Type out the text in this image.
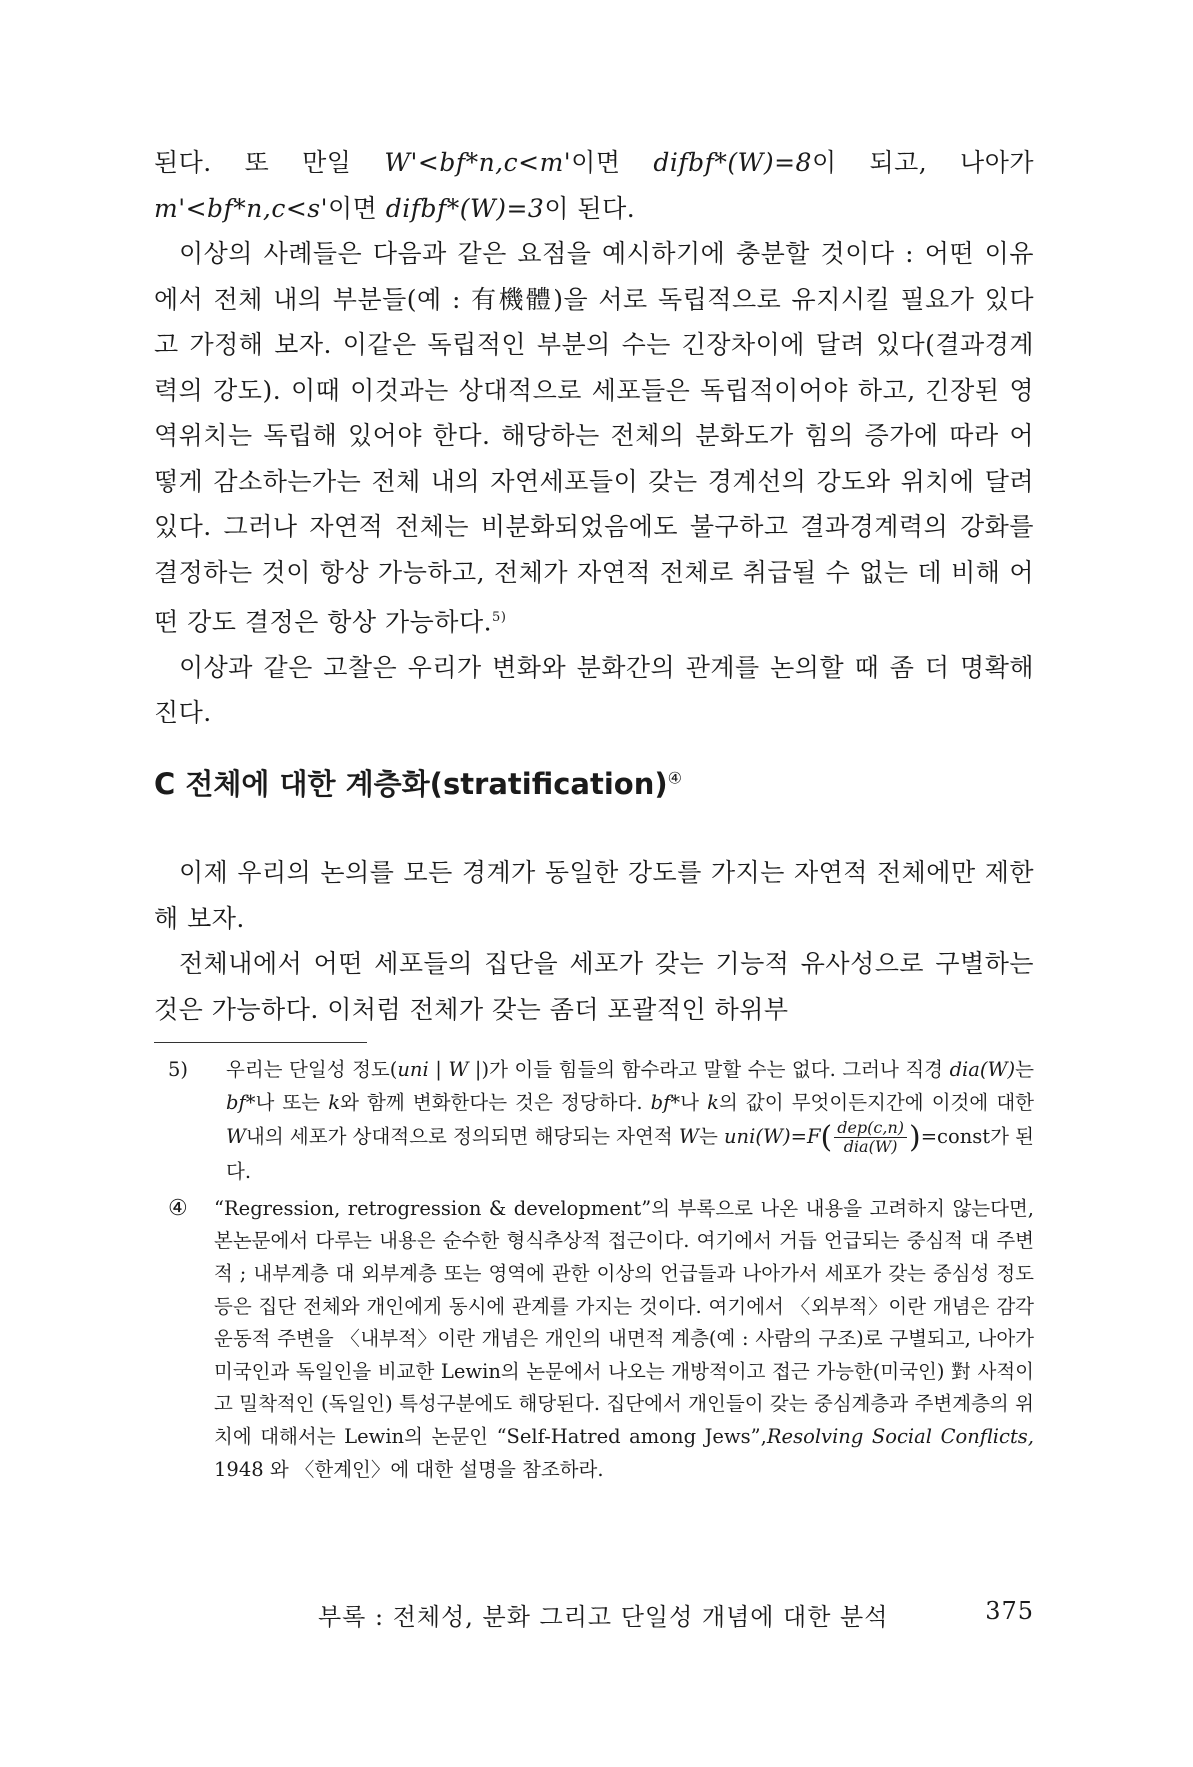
된다. 또 만일 W'<bf*n,c<m'이면 difbf*(W)=8이 되고, 나아가 m'<bf*n,c<s'이면 difbf*(W)=3이 된다.

이상의 사례들은 다음과 같은 요점을 예시하기에 충분할 것이다 : 어떤 이유에서 전체 내의 부분들(예 : 有機體)을 서로 독립적으로 유지시킬 필요가 있다고 가정해 보자. 이같은 독립적인 부분의 수는 긴장차이에 달려 있다(결과경계력의 강도). 이때 이것과는 상대적으로 세포들은 독립적이어야 하고, 긴장된 영역위치는 독립해 있어야 한다. 해당하는 전체의 분화도가 힘의 증가에 따라 어떻게 감소하는가는 전체 내의 자연세포들이 갖는 경계선의 강도와 위치에 달려 있다. 그러나 자연적 전체는 비분화되었음에도 불구하고 결과경계력의 강화를 결정하는 것이 항상 가능하고, 전체가 자연적 전체로 취급될 수 없는 데 비해 어떤 강도 결정은 항상 가능하다.$^{5)}$

이상과 같은 고찰은 우리가 변화와 분화간의 관계를 논의할 때 좀 더 명확해 진다.

C 전체에 대한 계층화(stratification)④

이제 우리의 논의를 모든 경계가 동일한 강도를 가지는 자연적 전체에만 제한해 보자.

전체내에서 어떤 세포들의 집단을 세포가 갖는 기능적 유사성으로 구별하는 것은 가능하다. 이처럼 전체가 갖는 좀더 포괄적인 하위부

5)	우리는 단일성 정도(uni | W |)가 이들 힘들의 함수라고 말할 수는 없다. 그러나 직경 dia(W)는 bf*나 또는 k와 함께 변화한다는 것은 정당하다. bf*나 k의 값이 무엇이든지간에 이것에 대한 W내의 세포가 상대적으로 정의되면 해당되는 자연적 W는 uni(W)=F ( $\frac{\text{dep(c,n)}}{\text{dia(W)}}$ ) =const 가 된다.
④	“Regression, retrogression & development”의 부록으로 나온 내용을 고려하지 않는다면, 본논문에서 다루는 내용은 순수한 형식추상적 접근이다. 여기에서 거듭 언급되는 중심적 대 주변적 ; 내부계층 대 외부계층 또는 영역에 관한 이상의 언급들과 나아가서 세포가 갖는 중심성 정도 등은 집단 전체와 개인에게 동시에 관계를 가지는 것이다. 여기에서 〈외부적〉이란 개념은 감각운동적 주변을 〈내부적〉이란 개념은 개인의 내면적 계층(예 : 사람의 구조)로 구별되고, 나아가 미국인과 독일인을 비교한 Lewin의 논문에서 나오는 개방적이고 접근 가능한(미국인) 對 사적이고 밀착적인 (독일인) 특성구분에도 해당된다. 집단에서 개인들이 갖는 중심계층과 주변계층의 위치에 대해서는 Lewin의 논문인 “Self-Hatred among Jews”,Resolving Social Conflicts, 1948 와 〈한계인〉에 대한 설명을 참조하라.
부록 : 전체성, 분화 그리고 단일성 개념에 대한 분석	375
